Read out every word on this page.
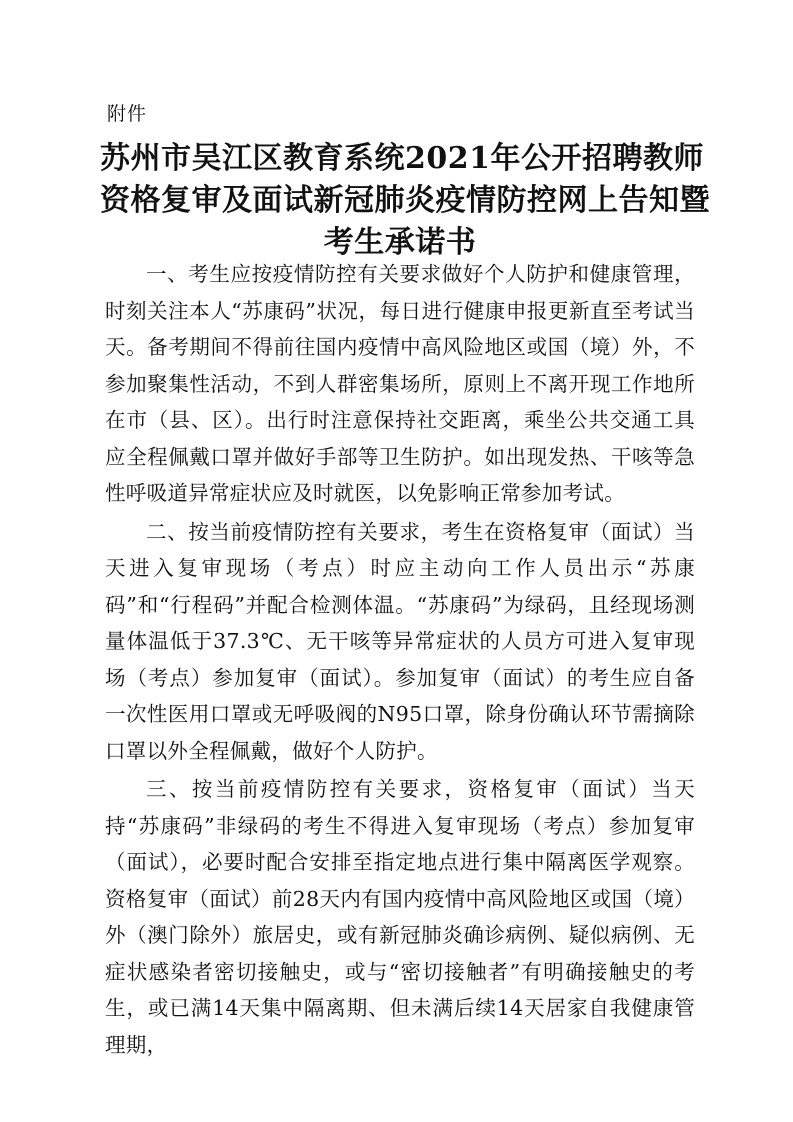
附件
苏州市吴江区教育系统2021年公开招聘教师
资格复审及面试新冠肺炎疫情防控网上告知暨
考生承诺书

一、考生应按疫情防控有关要求做好个人防护和健康管理，时刻关注本人“苏康码”状况，每日进行健康申报更新直至考试当天。备考期间不得前往国内疫情中高风险地区或国（境）外，不参加聚集性活动，不到人群密集场所，原则上不离开现工作地所在市（县、区）。出行时注意保持社交距离，乘坐公共交通工具应全程佩戴口罩并做好手部等卫生防护。如出现发热、干咳等急性呼吸道异常症状应及时就医，以免影响正常参加考试。

二、按当前疫情防控有关要求，考生在资格复审（面试）当天进入复审现场（考点）时应主动向工作人员出示“苏康码”和“行程码”并配合检测体温。“苏康码”为绿码，且经现场测量体温低于37.3℃、无干咳等异常症状的人员方可进入复审现场（考点）参加复审（面试）。参加复审（面试）的考生应自备一次性医用口罩或无呼吸阀的N95口罩，除身份确认环节需摘除口罩以外全程佩戴，做好个人防护。

三、按当前疫情防控有关要求，资格复审（面试）当天持“苏康码”非绿码的考生不得进入复审现场（考点）参加复审（面试），必要时配合安排至指定地点进行集中隔离医学观察。资格复审（面试）前28天内有国内疫情中高风险地区或国（境）外（澳门除外）旅居史，或有新冠肺炎确诊病例、疑似病例、无症状感染者密切接触史，或与“密切接触者”有明确接触史的考生，或已满14天集中隔离期、但未满后续14天居家自我健康管理期，
